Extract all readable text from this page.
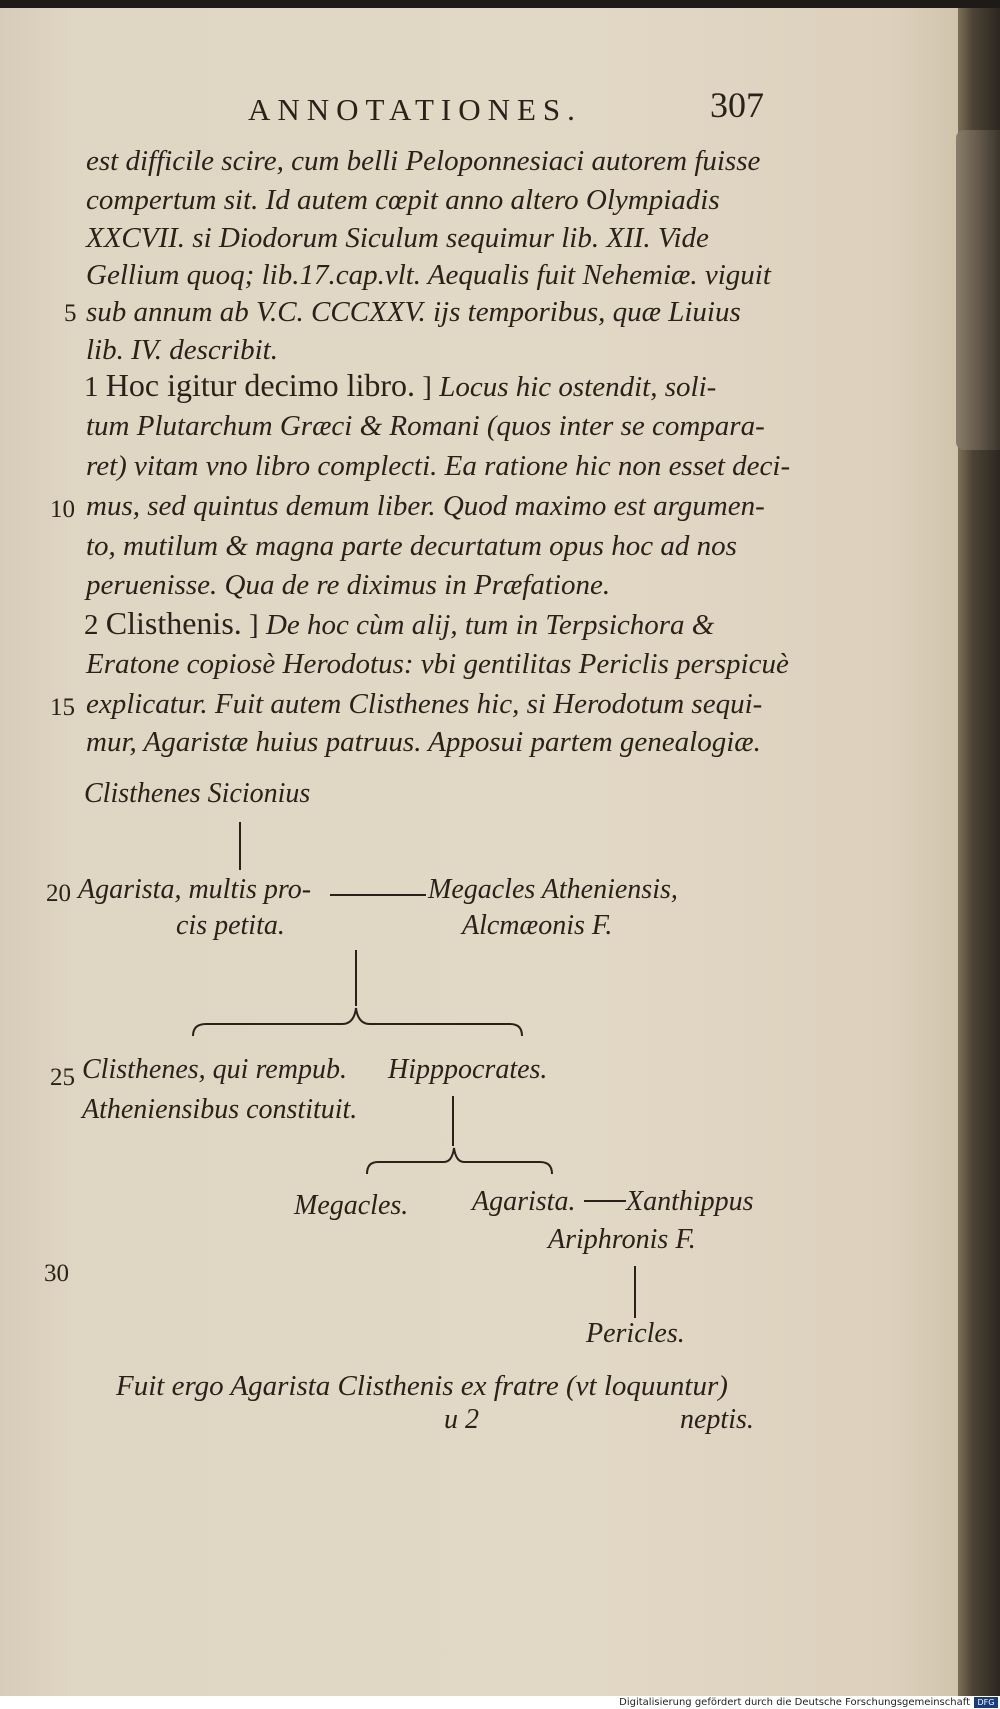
ANNOTATIONES.	307
est difficile scire, cum belli Peloponnesiaci autorem fuisse
compertum sit. Id autem cœpit anno altero Olympiadis
XXCVII. si Diodorum Siculum sequimur lib. XII. Vide
Gellium quoq; lib.17.cap.vlt. Aequalis fuit Nehemiæ. viguit
5 sub annum ab V.C. CCCXXV. ijs temporibus, quæ Liuius
lib. IV. describit.
1 Hoc igitur decimo libro. ] Locus hic ostendit, soli-
tum Plutarchum Græci & Romani (quos inter se compara-
ret) vitam vno libro complecti. Ea ratione hic non esset deci-
10 mus, sed quintus demum liber. Quod maximo est argumen-
to, mutilum & magna parte decurtatum opus hoc ad nos
peruenisse. Qua de re diximus in Præfatione.
2 Clisthenis. ] De hoc cùm alij, tum in Terpsichora &
Eratone copiosè Herodotus: vbi gentilitas Periclis perspicuè
15 explicatur. Fuit autem Clisthenes hic, si Herodotum sequi-
mur, Agaristæ huius patruus. Apposui partem genealogiæ.
Clisthenes Sicionius
20 Agarista, multis pro-
cis petita.
Megacles Atheniensis,
Alcmæonis F.
25 Clisthenes, qui rempub.
Atheniensibus constituit.
Hipppocrates.
Megacles. Agarista. Xanthippus
Ariphronis F.
30
Pericles.
Fuit ergo Agarista Clisthenis ex fratre (vt loquuntur)
u 2	neptis.
Digitalisierung gefördert durch die Deutsche Forschungsgemeinschaft DFG
